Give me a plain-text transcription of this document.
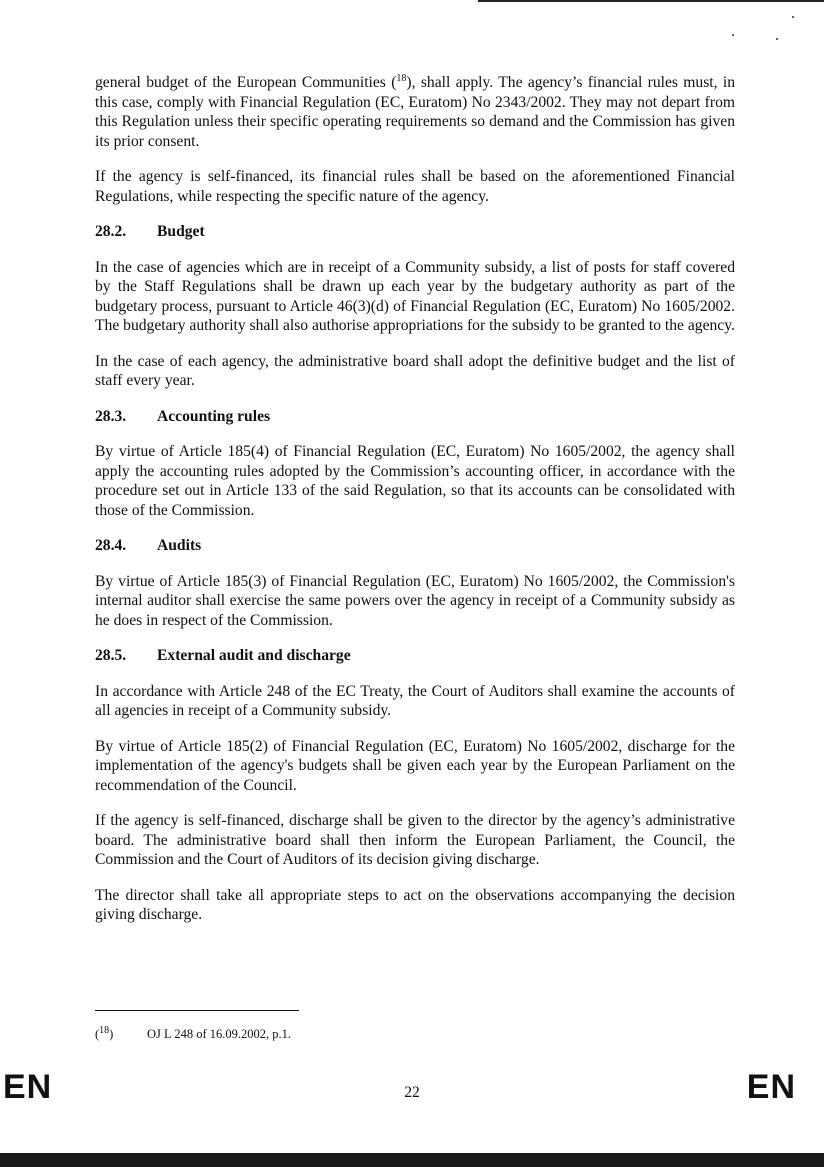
general budget of the European Communities ($^{18}$), shall apply. The agency’s financial rules must, in this case, comply with Financial Regulation (EC, Euratom) No 2343/2002. They may not depart from this Regulation unless their specific operating requirements so demand and the Commission has given its prior consent.

If the agency is self-financed, its financial rules shall be based on the aforementioned Financial Regulations, while respecting the specific nature of the agency.

28.2.	Budget

In the case of agencies which are in receipt of a Community subsidy, a list of posts for staff covered by the Staff Regulations shall be drawn up each year by the budgetary authority as part of the budgetary process, pursuant to Article 46(3)(d) of Financial Regulation (EC, Euratom) No 1605/2002. The budgetary authority shall also authorise appropriations for the subsidy to be granted to the agency.

In the case of each agency, the administrative board shall adopt the definitive budget and the list of staff every year.

28.3.	Accounting rules

By virtue of Article 185(4) of Financial Regulation (EC, Euratom) No 1605/2002, the agency shall apply the accounting rules adopted by the Commission’s accounting officer, in accordance with the procedure set out in Article 133 of the said Regulation, so that its accounts can be consolidated with those of the Commission.

28.4.	Audits

By virtue of Article 185(3) of Financial Regulation (EC, Euratom) No 1605/2002, the Commission's internal auditor shall exercise the same powers over the agency in receipt of a Community subsidy as he does in respect of the Commission.

28.5.	External audit and discharge

In accordance with Article 248 of the EC Treaty, the Court of Auditors shall examine the accounts of all agencies in receipt of a Community subsidy.

By virtue of Article 185(2) of Financial Regulation (EC, Euratom) No 1605/2002, discharge for the implementation of the agency's budgets shall be given each year by the European Parliament on the recommendation of the Council.

If the agency is self-financed, discharge shall be given to the director by the agency’s administrative board. The administrative board shall then inform the European Parliament, the Council, the Commission and the Court of Auditors of its decision giving discharge.

The director shall take all appropriate steps to act on the observations accompanying the decision giving discharge.

($^{18}$)	OJ L 248 of 16.09.2002, p.1.
EN	22	EN
